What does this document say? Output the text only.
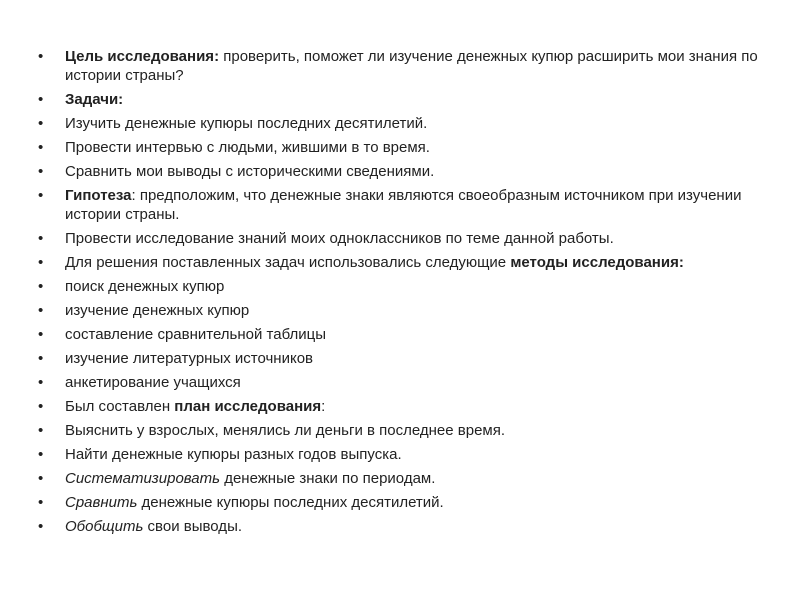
• Цель исследования: проверить, поможет ли изучение денежных купюр расширить мои знания по истории страны?
• Задачи:
• Изучить денежные купюры последних десятилетий.
• Провести интервью с людьми, жившими в то время.
• Сравнить мои выводы с историческими сведениями.
• Гипотеза: предположим, что денежные знаки являются своеобразным источником при изучении истории страны.
• Провести исследование знаний моих одноклассников по теме данной работы.
• Для решения поставленных задач использовались следующие методы исследования:
• поиск денежных купюр
• изучение денежных купюр
• составление сравнительной таблицы
• изучение литературных источников
• анкетирование учащихся
• Был составлен план исследования:
• Выяснить у взрослых, менялись ли деньги в последнее время.
• Найти денежные купюры разных годов выпуска.
• Систематизировать денежные знаки по периодам.
• Сравнить денежные купюры последних десятилетий.
• Обобщить свои выводы.
